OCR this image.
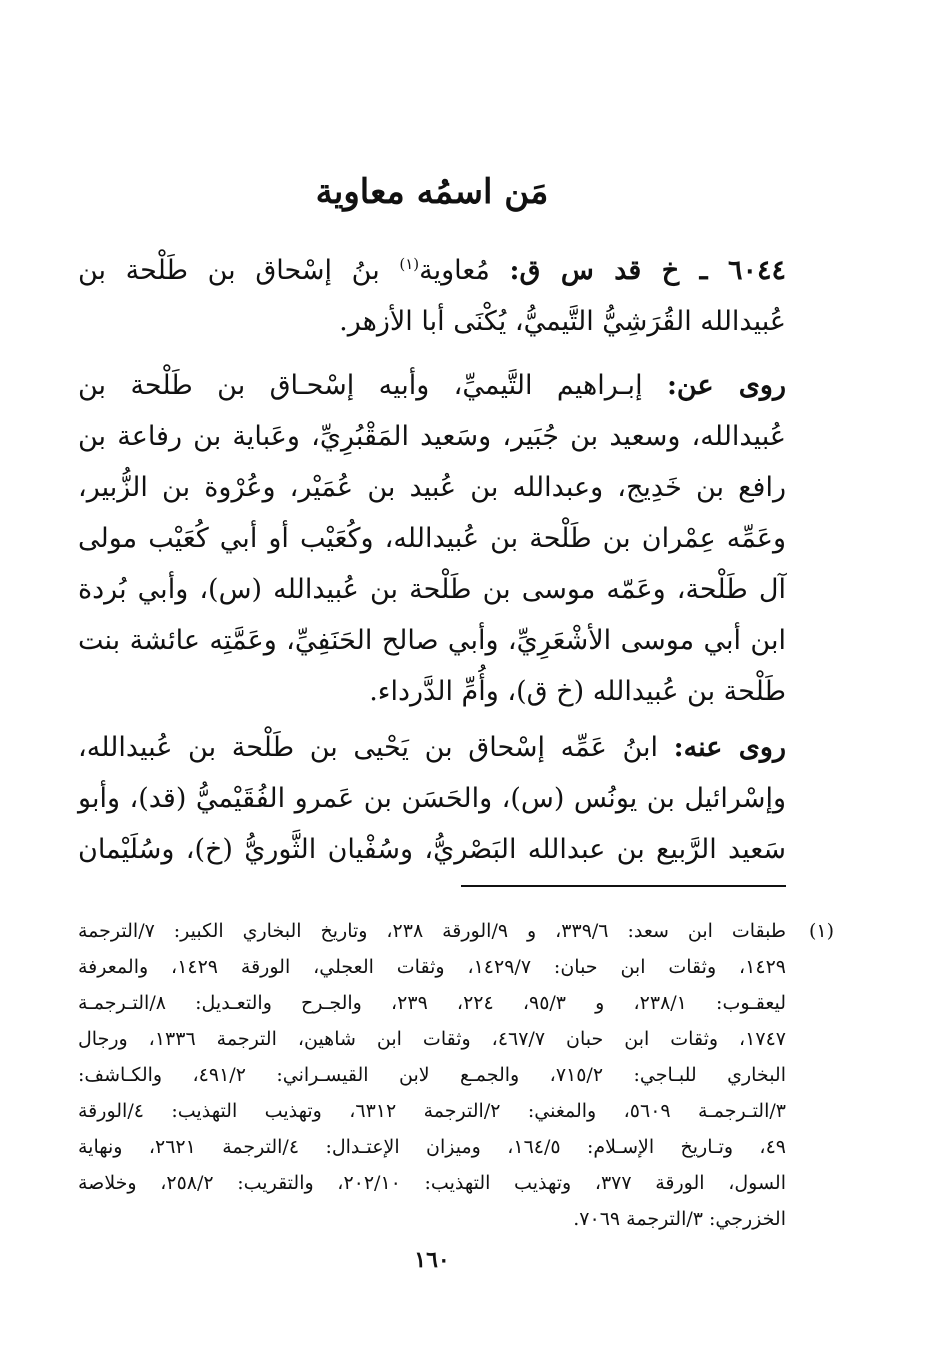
مَن اسمُه معاوية

٦٠٤٤ ـ خ قد س ق: مُعاوية$^{(١)}$ بنُ إسْحاق بن طَلْحة بن
عُبيدالله القُرَشِيُّ التَّيميُّ، يُكْنَى أبا الأزهر.

روى عن: إبـراهيم التَّيميِّ، وأبيه إسْحـاق بن طَلْحة بن
عُبيدالله، وسعيد بن جُبَير، وسَعيد المَقْبُرِيِّ، وعَباية بن رفاعة بن
رافع بن خَدِيج، وعبدالله بن عُبيد بن عُمَيْر، وعُرْوة بن الزُّبير،
وعَمِّه عِمْران بن طَلْحة بن عُبيدالله، وكُعَيْب أو أبي كُعَيْب مولى
آل طَلْحة، وعَمّه موسى بن طَلْحة بن عُبيدالله (س)، وأبي بُردة
ابن أبي موسى الأشْعَرِيِّ، وأبي صالح الحَنَفِيِّ، وعَمَّتِه عائشة بنت
طَلْحة بن عُبيدالله (خ ق)، وأُمِّ الدَّرداء.

روى عنه: ابنُ عَمِّه إسْحاق بن يَحْيى بن طَلْحة بن عُبيدالله،
وإسْرائيل بن يونُس (س)، والحَسَن بن عَمرو الفُقَيْميُّ (قد)، وأبو
سَعيد الرَّبيع بن عبدالله البَصْريُّ، وسُفْيان الثَّوريُّ (خ)، وسُلَيْمان

(١)
طبقات ابن سعد: ٣٣٩/٦، و ٩/الورقة ٢٣٨، وتاريخ البخاري الكبير: ٧/الترجمة
١٤٢٩، وثقات ابن حبان: ١٤٢٩/٧، وثقات العجلي، الورقة ١٤٢٩، والمعرفة
ليعقـوب: ٢٣٨/١، و ٩٥/٣، ٢٢٤، ٢٣٩، والجـرح والتعـديل: ٨/التـرجمـة
١٧٤٧، وثقات ابن حبان ٤٦٧/٧، وثقات ابن شاهين، الترجمة ١٣٣٦، ورجال
البخاري للبـاجي: ٧١٥/٢، والجمـع لابن القيسـراني: ٤٩١/٢، والكـاشف:
٣/التـرجمـة ٥٦٠٩، والمغني: ٢/الترجمة ٦٣١٢، وتهذيب التهذيب: ٤/الورقة
٤٩، وتـاريخ الإسـلام: ١٦٤/٥، وميزان الإعتـدال: ٤/الترجمة ٢٦٢١، ونهاية
السول، الورقة ٣٧٧، وتهذيب التهذيب: ٢٠٢/١٠، والتقريب: ٢٥٨/٢، وخلاصة
الخزرجي: ٣/الترجمة ٧٠٦٩.
١٦٠
